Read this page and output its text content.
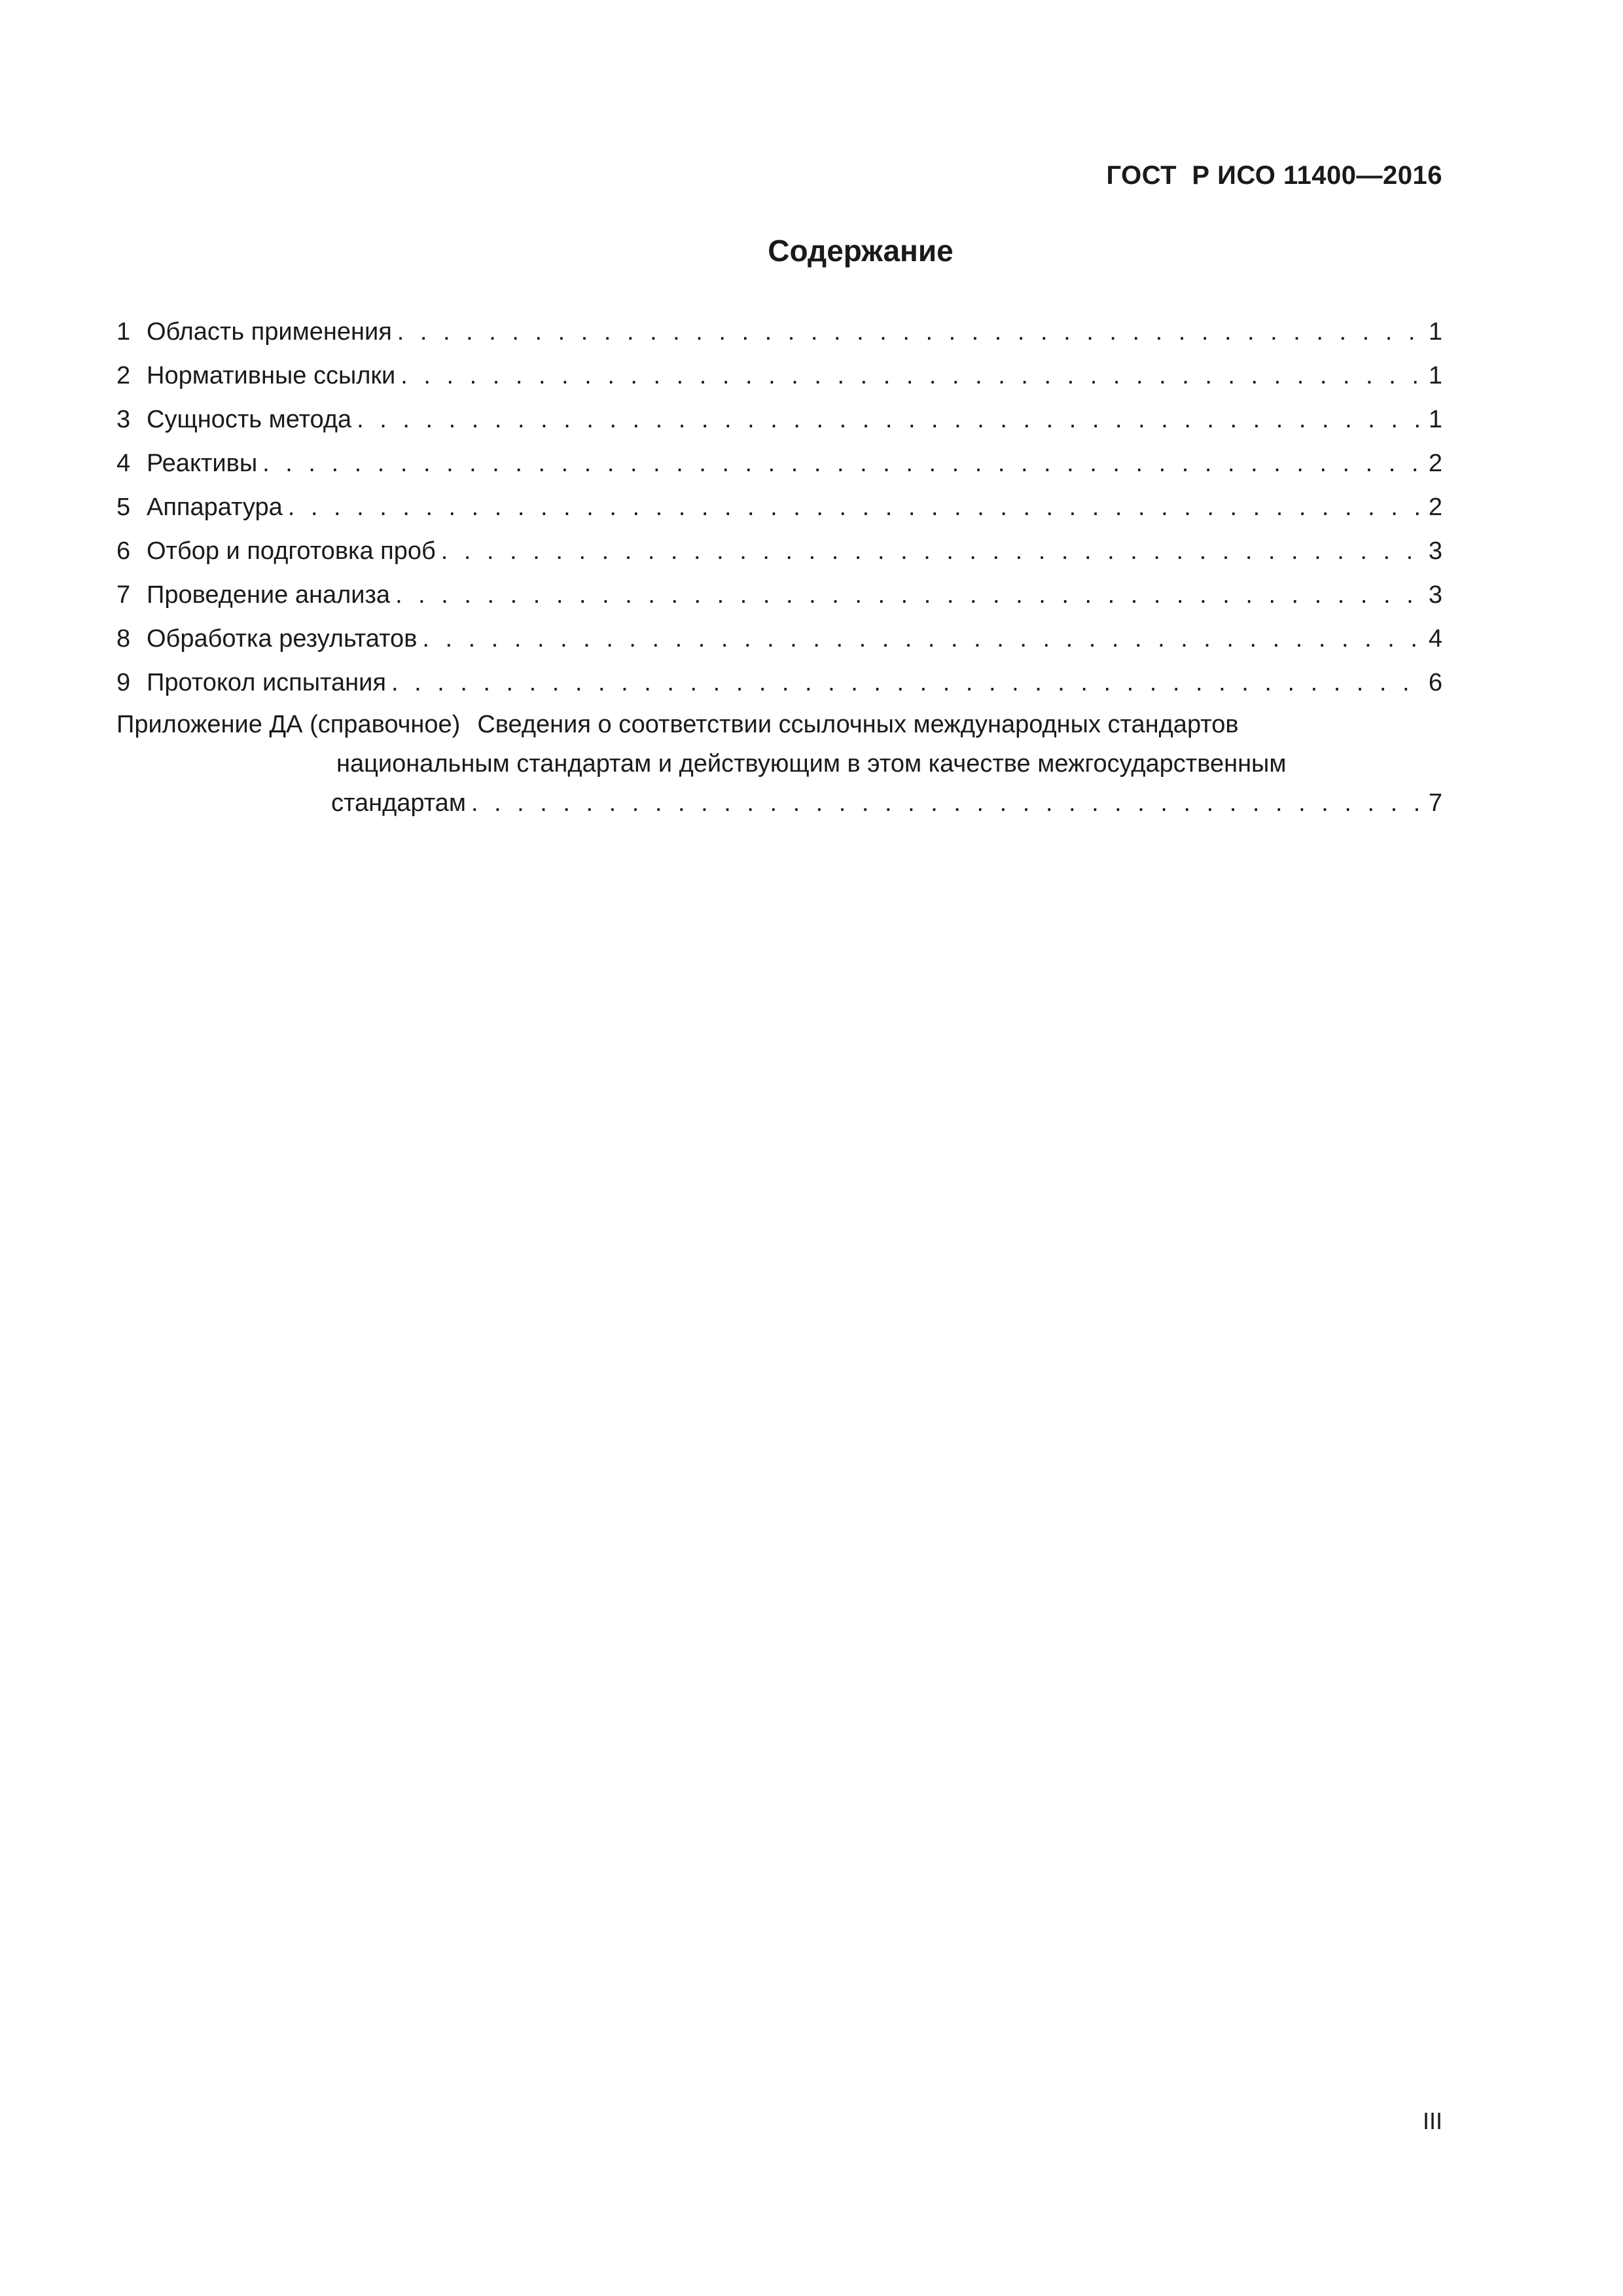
ГОСТ  Р ИСО 11400—2016
Содержание
1 Область применения . . .	1
2 Нормативные ссылки . . .	1
3 Сущность метода . . .	1
4 Реактивы . . .	2
5 Аппаратура . . .	2
6 Отбор и подготовка проб . . .	3
7 Проведение анализа . . .	3
8 Обработка результатов . . .	4
9 Протокол испытания . . .	6
Приложение ДА (справочное) Сведения о соответствии ссылочных международных стандартов
национальным стандартам и действующим в этом качестве межгосударственным
стандартам . . .	7
III
